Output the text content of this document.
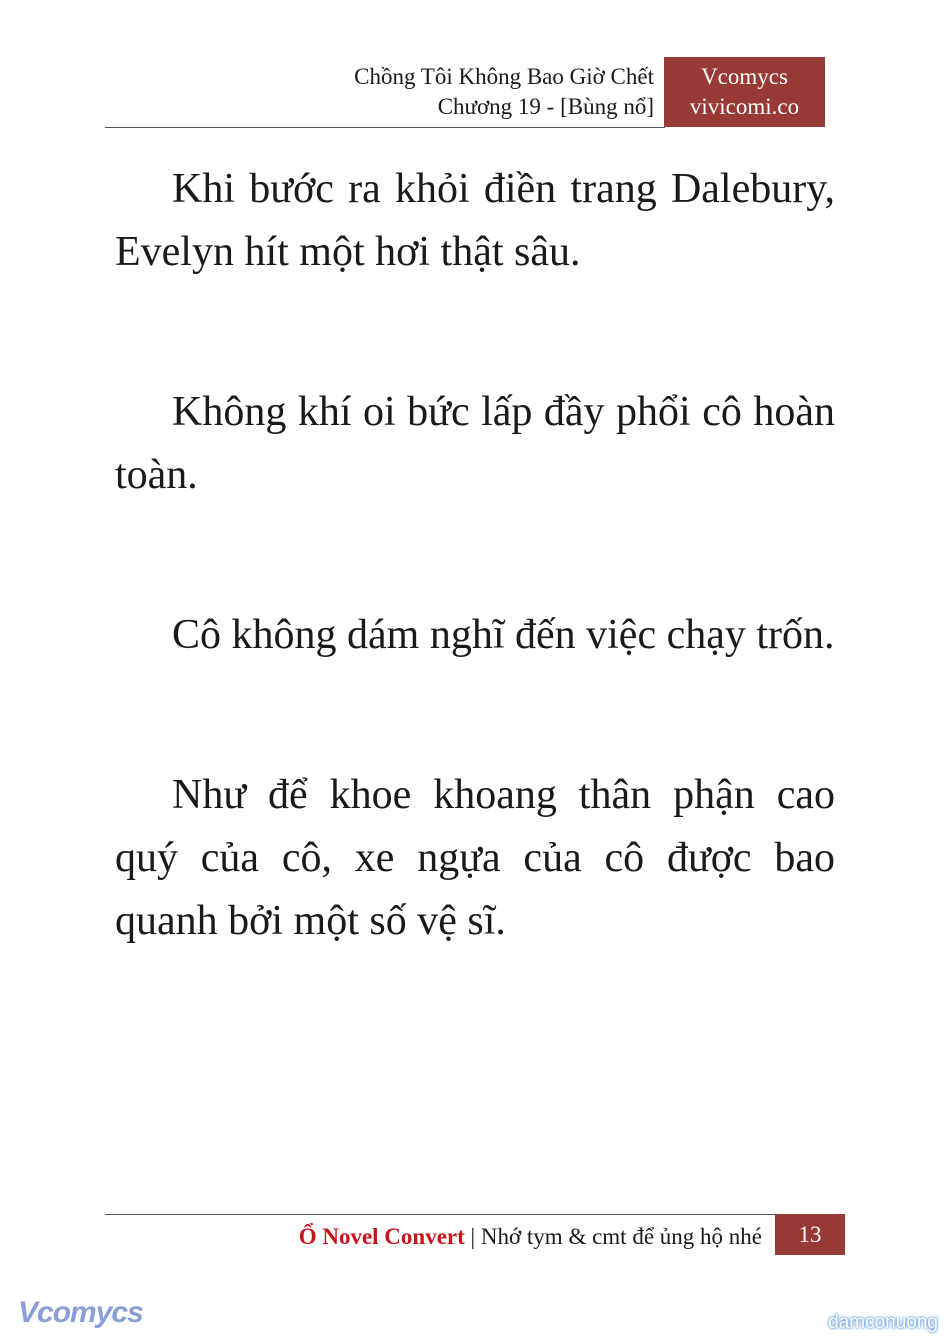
Chồng Tôi Không Bao Giờ Chết
Chương 19 - [Bùng nổ]
Vcomycs
vivicomi.co

Khi bước ra khỏi điền trang Dalebury, Evelyn hít một hơi thật sâu.

Không khí oi bức lấp đầy phổi cô hoàn toàn.

Cô không dám nghĩ đến việc chạy trốn.

Như để khoe khoang thân phận cao quý của cô, xe ngựa của cô được bao quanh bởi một số vệ sĩ.

Ổ Novel Convert | Nhớ tym & cmt để ủng hộ nhé	13
Vcomycs	damconuong
